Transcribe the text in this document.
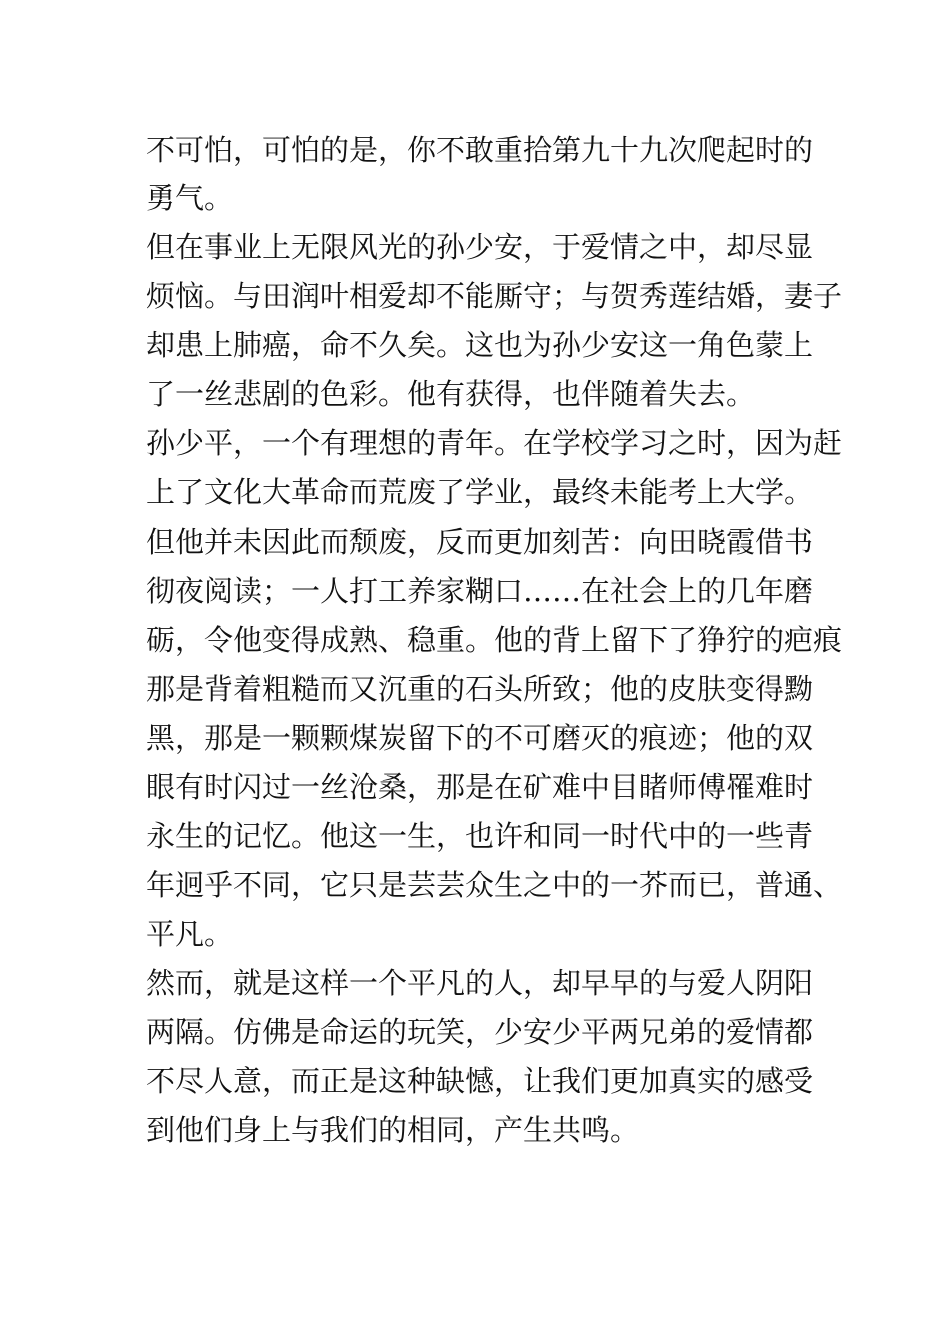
不可怕，可怕的是，你不敢重拾第九十九次爬起时的
勇气。
但在事业上无限风光的孙少安，于爱情之中，却尽显
烦恼。与田润叶相爱却不能厮守；与贺秀莲结婚，妻子
却患上肺癌，命不久矣。这也为孙少安这一角色蒙上
了一丝悲剧的色彩。他有获得，也伴随着失去。
孙少平，一个有理想的青年。在学校学习之时，因为赶
上了文化大革命而荒废了学业，最终未能考上大学。
但他并未因此而颓废，反而更加刻苦：向田晓霞借书
彻夜阅读；一人打工养家糊口……在社会上的几年磨
砺，令他变得成熟、稳重。他的背上留下了狰狞的疤痕
那是背着粗糙而又沉重的石头所致；他的皮肤变得黝
黑，那是一颗颗煤炭留下的不可磨灭的痕迹；他的双
眼有时闪过一丝沧桑，那是在矿难中目睹师傅罹难时
永生的记忆。他这一生，也许和同一时代中的一些青
年迥乎不同，它只是芸芸众生之中的一芥而已，普通、
平凡。
然而，就是这样一个平凡的人，却早早的与爱人阴阳
两隔。仿佛是命运的玩笑，少安少平两兄弟的爱情都
不尽人意，而正是这种缺憾，让我们更加真实的感受
到他们身上与我们的相同，产生共鸣。
